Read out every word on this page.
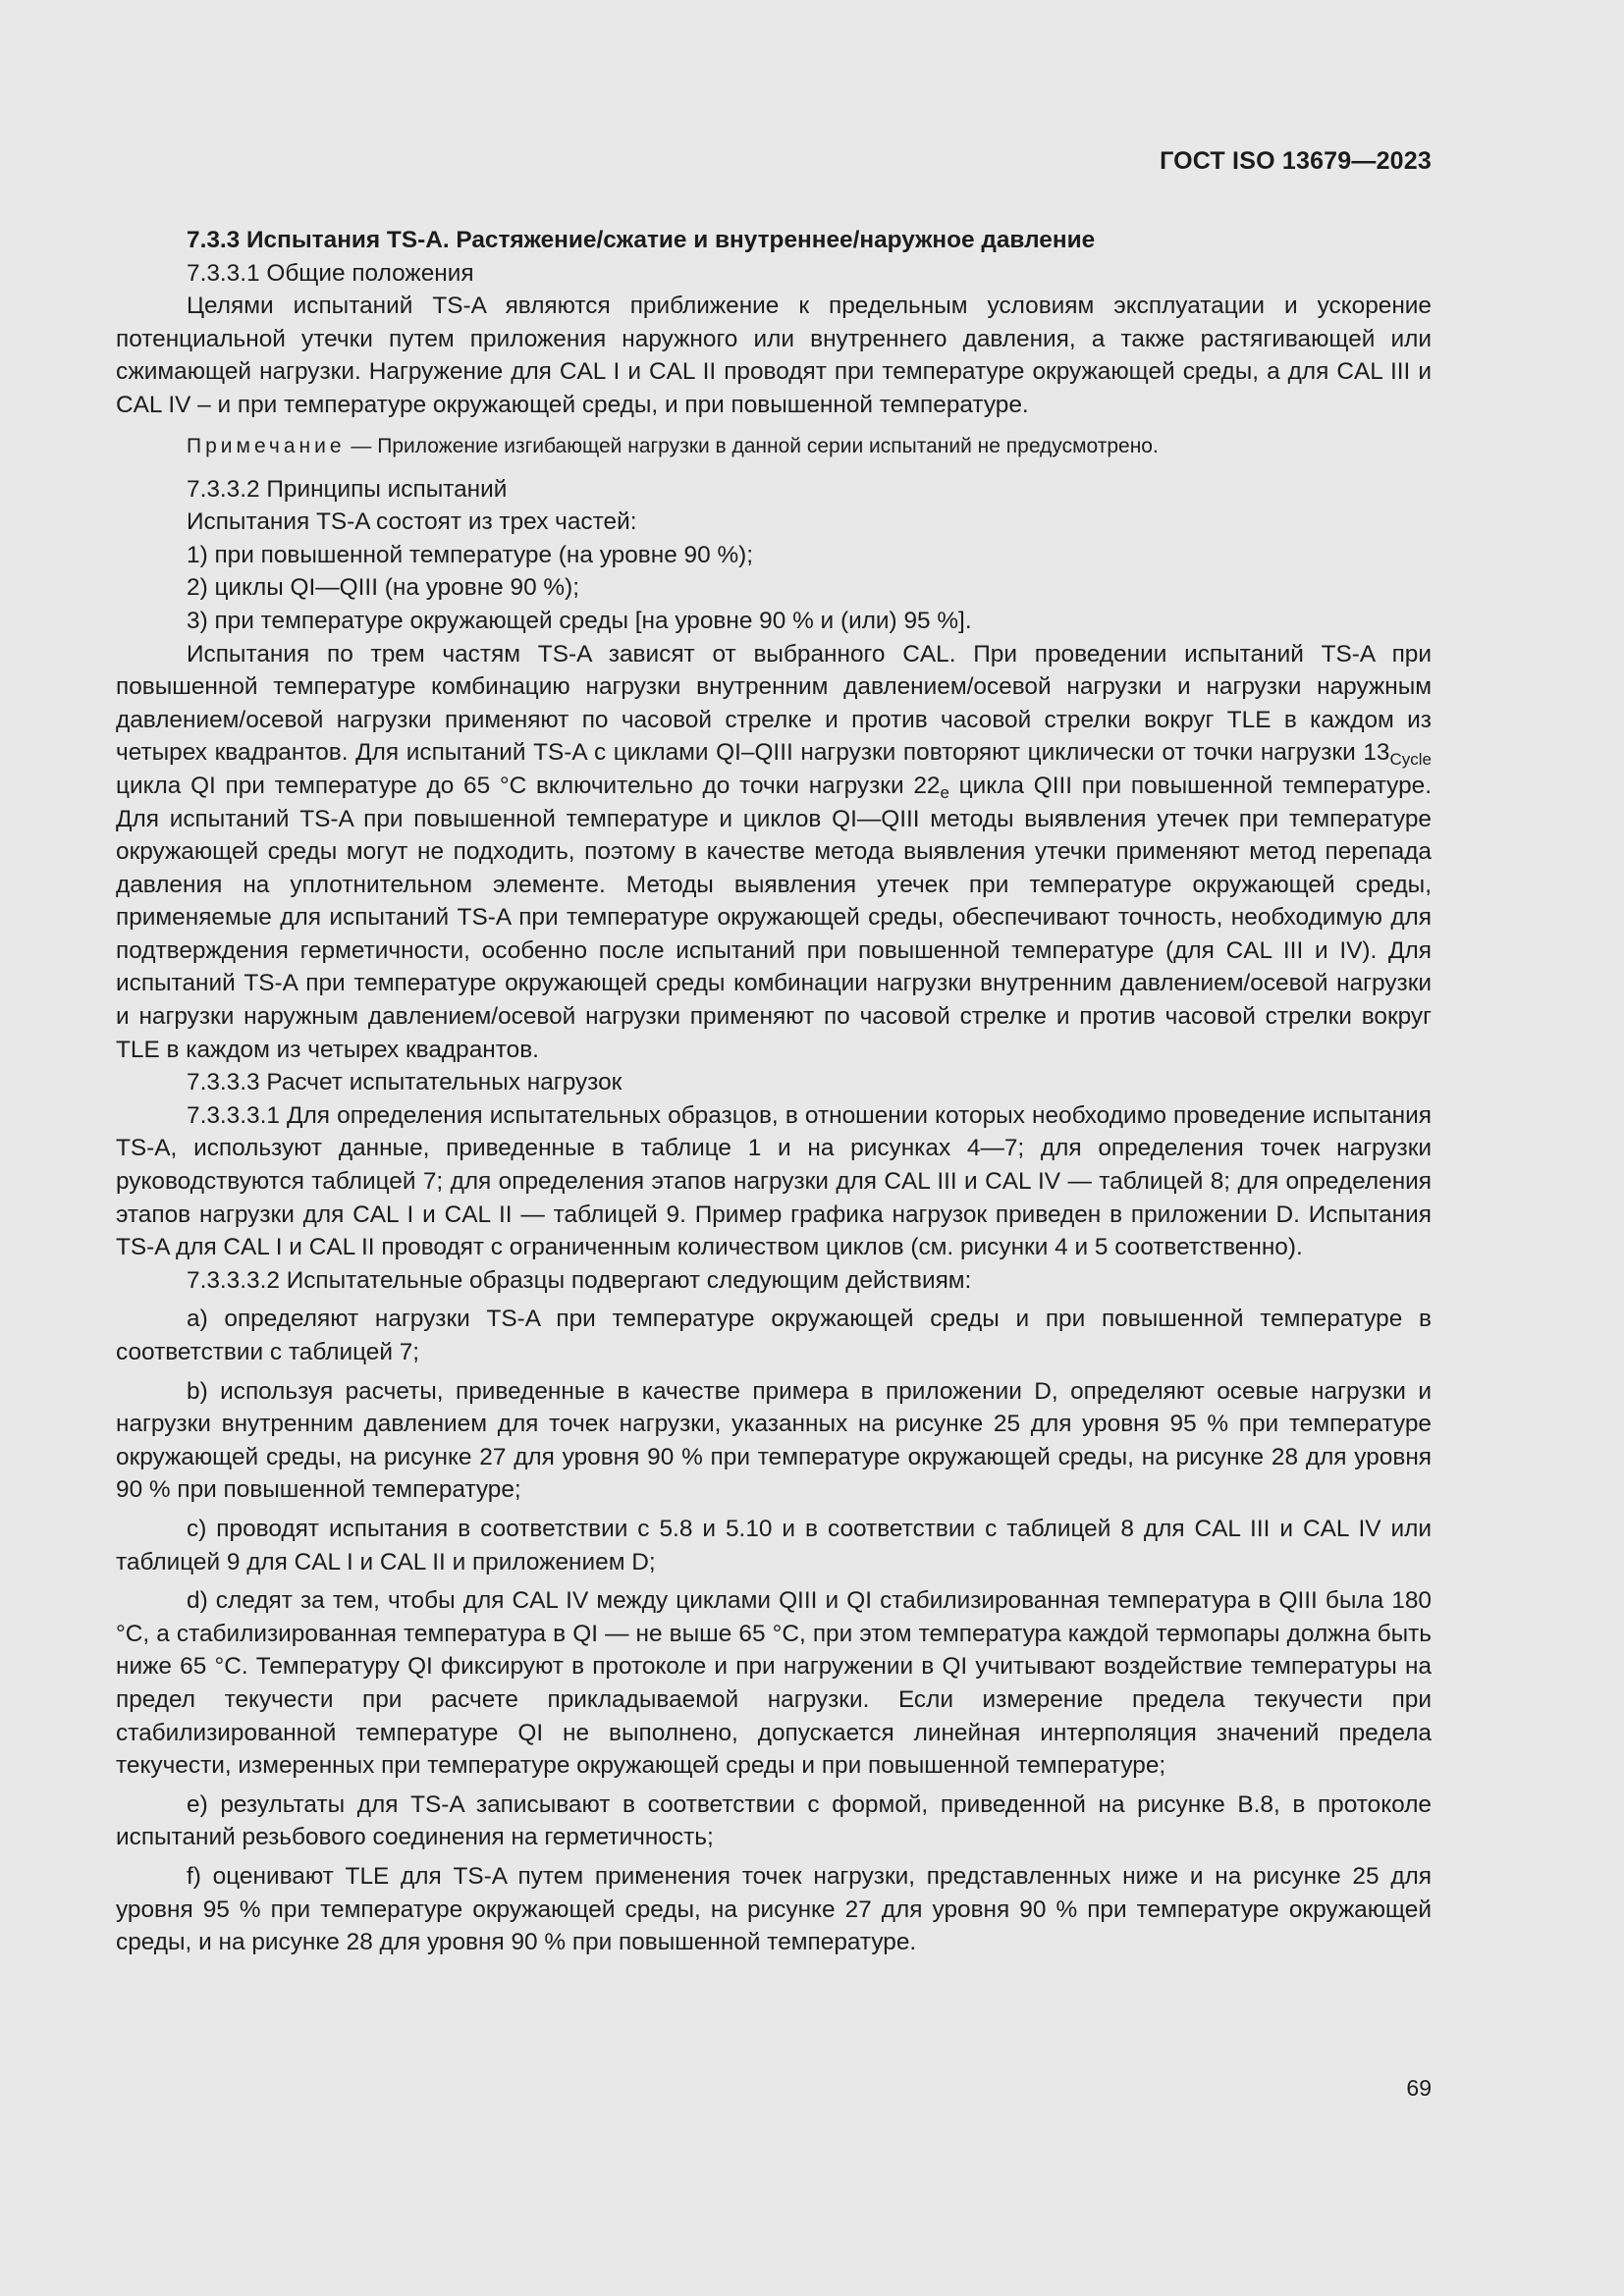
ГОСТ ISO 13679—2023

7.3.3 Испытания TS-A. Растяжение/сжатие и внутреннее/наружное давление

7.3.3.1 Общие положения

Целями испытаний TS-A являются приближение к предельным условиям эксплуатации и ускорение потенциальной утечки путем приложения наружного или внутреннего давления, а также растягивающей или сжимающей нагрузки. Нагружение для CAL I и CAL II проводят при температуре окружающей среды, а для CAL III и CAL IV – и при температуре окружающей среды, и при повышенной температуре.

Примечание — Приложение изгибающей нагрузки в данной серии испытаний не предусмотрено.

7.3.3.2 Принципы испытаний

Испытания TS-A состоят из трех частей:

1) при повышенной температуре (на уровне 90 %);

2) циклы QI—QIII (на уровне 90 %);

3) при температуре окружающей среды [на уровне 90 % и (или) 95 %].

Испытания по трем частям TS-A зависят от выбранного CAL. При проведении испытаний TS-A при повышенной температуре комбинацию нагрузки внутренним давлением/осевой нагрузки и нагрузки наружным давлением/осевой нагрузки применяют по часовой стрелке и против часовой стрелки вокруг TLE в каждом из четырех квадрантов. Для испытаний TS-A с циклами QI–QIII нагрузки повторяют циклически от точки нагрузки $13_{Cycle}$ цикла QI при температуре до 65 °С включительно до точки нагрузки $22_e$ цикла QIII при повышенной температуре. Для испытаний TS-A при повышенной температуре и циклов QI—QIII методы выявления утечек при температуре окружающей среды могут не подходить, поэтому в качестве метода выявления утечки применяют метод перепада давления на уплотнительном элементе. Методы выявления утечек при температуре окружающей среды, применяемые для испытаний TS-A при температуре окружающей среды, обеспечивают точность, необходимую для подтверждения герметичности, особенно после испытаний при повышенной температуре (для CAL III и IV). Для испытаний TS-A при температуре окружающей среды комбинации нагрузки внутренним давлением/осевой нагрузки и нагрузки наружным давлением/осевой нагрузки применяют по часовой стрелке и против часовой стрелки вокруг TLE в каждом из четырех квадрантов.

7.3.3.3 Расчет испытательных нагрузок

7.3.3.3.1 Для определения испытательных образцов, в отношении которых необходимо проведение испытания TS-A, используют данные, приведенные в таблице 1 и на рисунках 4—7; для определения точек нагрузки руководствуются таблицей 7; для определения этапов нагрузки для CAL III и CAL IV — таблицей 8; для определения этапов нагрузки для CAL I и CAL II — таблицей 9. Пример графика нагрузок приведен в приложении D. Испытания TS-A для CAL I и CAL II проводят с ограниченным количеством циклов (см. рисунки 4 и 5 соответственно).

7.3.3.3.2 Испытательные образцы подвергают следующим действиям:

a) определяют нагрузки TS-A при температуре окружающей среды и при повышенной температуре в соответствии с таблицей 7;

b) используя расчеты, приведенные в качестве примера в приложении D, определяют осевые нагрузки и нагрузки внутренним давлением для точек нагрузки, указанных на рисунке 25 для уровня 95 % при температуре окружающей среды, на рисунке 27 для уровня 90 % при температуре окружающей среды, на рисунке 28 для уровня 90 % при повышенной температуре;

c) проводят испытания в соответствии с 5.8 и 5.10 и в соответствии с таблицей 8 для CAL III и CAL IV или таблицей 9 для CAL I и CAL II и приложением D;

d) следят за тем, чтобы для CAL IV между циклами QIII и QI стабилизированная температура в QIII была 180 °С, а стабилизированная температура в QI — не выше 65 °С, при этом температура каждой термопары должна быть ниже 65 °С. Температуру QI фиксируют в протоколе и при нагружении в QI учитывают воздействие температуры на предел текучести при расчете прикладываемой нагрузки. Если измерение предела текучести при стабилизированной температуре QI не выполнено, допускается линейная интерполяция значений предела текучести, измеренных при температуре окружающей среды и при повышенной температуре;

e) результаты для TS-A записывают в соответствии с формой, приведенной на рисунке B.8, в протоколе испытаний резьбового соединения на герметичность;

f) оценивают TLE для TS-A путем применения точек нагрузки, представленных ниже и на рисунке 25 для уровня 95 % при температуре окружающей среды, на рисунке 27 для уровня 90 % при температуре окружающей среды, и на рисунке 28 для уровня 90 % при повышенной температуре.

69
